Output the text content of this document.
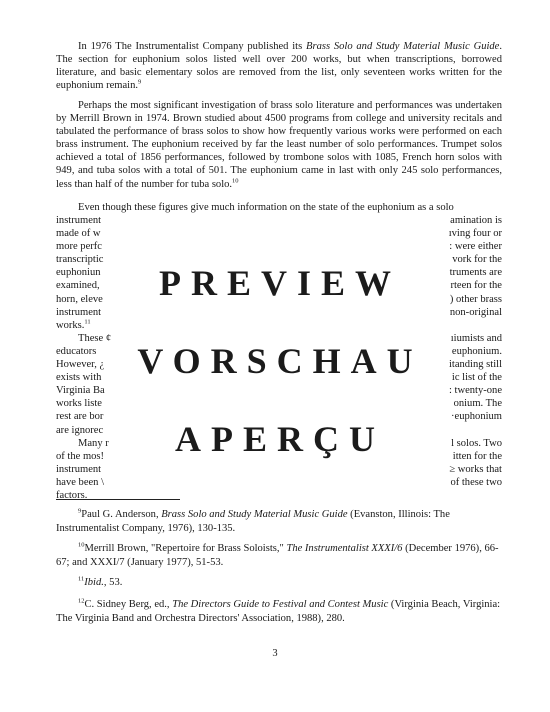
In 1976 The Instrumentalist Company published its Brass Solo and Study Material Music Guide. The section for euphonium solos listed well over 200 works, but when transcriptions, borrowed literature, and basic elementary solos are removed from the list, only seventeen works written for the euphonium remain.$^9$

Perhaps the most significant investigation of brass solo literature and performances was undertaken by Merrill Brown in 1974. Brown studied about 4500 programs from college and university recitals and tabulated the performance of brass solos to show how frequently various works were performed on each brass instrument. The euphonium received by far the least number of solo performances. Trumpet solos achieved a total of 1856 performances, followed by trombone solos with 1085, French horn solos with 949, and tuba solos with a total of 501. The euphonium came in last with only 245 solo performances, less than half of the number for tuba solo.$^{10}$

Even though these figures give much information on the state of the euphonium as a solo

instrument
made of w
more perfc
transcriptic
euphoniun
examined,
horn, eleve
instrument
works.$^{11}$
These ¢
educators
However, ¿
exists with
Virginia Ba
works liste
rest are bor
are ignorec
Many r
of the mos!
instrument
have been \
factors.
amination is
ıving four or
: were either
vork for the
truments are
rteen for the
) other brass
non-original

ıiumists and
euphonium.
itanding still
ic list of the
: twenty-one
onium. The
·euphonium

l solos. Two
itten for the
≥ works that
of these two
PREVIEW
VORSCHAU
APERÇU

$^9$Paul G. Anderson, Brass Solo and Study Material Music Guide (Evanston, Illinois: The Instrumentalist Company, 1976), 130-135.

$^{10}$Merrill Brown, "Repertoire for Brass Soloists," The Instrumentalist XXXI/6 (December 1976), 66-67; and XXXI/7 (January 1977), 51-53.

$^{11}$Ibid., 53.

$^{12}$C. Sidney Berg, ed., The Directors Guide to Festival and Contest Music (Virginia Beach, Virginia: The Virginia Band and Orchestra Directors' Association, 1988), 280.

3
